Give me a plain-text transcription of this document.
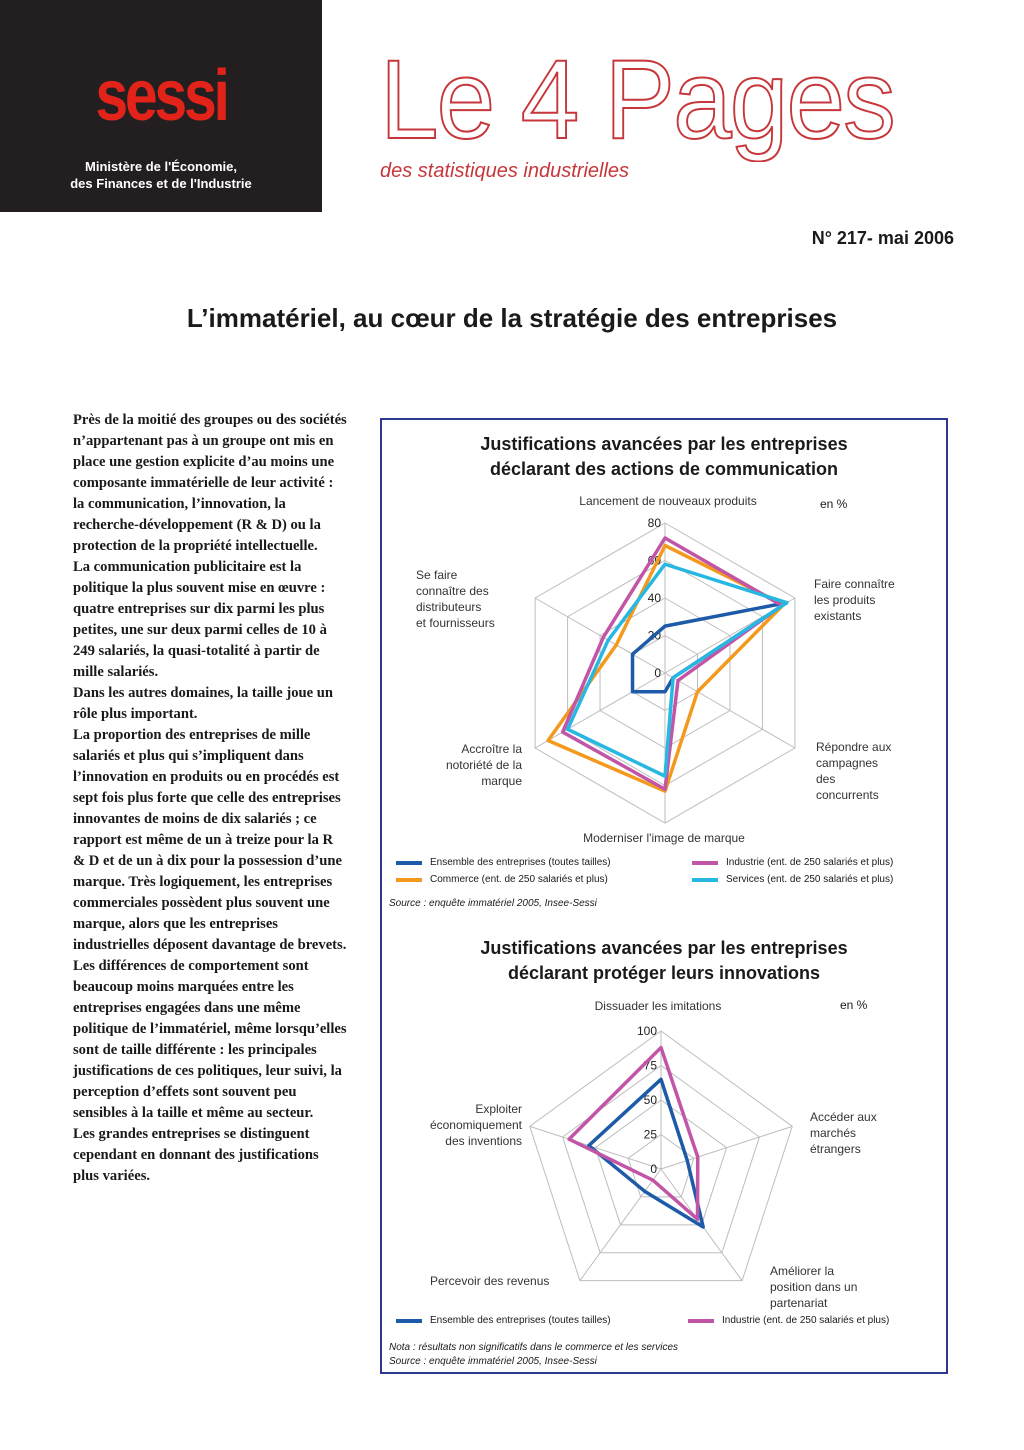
sessi
Ministère de l'Économie,
des Finances et de l'Industrie
Le 4 Pages
des statistiques industrielles
N° 217- mai 2006
L’immatériel, au cœur de la stratégie des entreprises

Près de la moitié des groupes ou des sociétés n’appartenant pas à un groupe ont mis en place une gestion explicite d’au moins une composante immatérielle de leur activité : la communication, l’innovation, la recherche-développement (R & D) ou la protection de la propriété intellectuelle.

La communication publicitaire est la politique la plus souvent mise en œuvre : quatre entreprises sur dix parmi les plus petites, une sur deux parmi celles de 10 à 249 salariés, la quasi-totalité à partir de mille salariés.

Dans les autres domaines, la taille joue un rôle plus important.

La proportion des entreprises de mille salariés et plus qui s’impliquent dans l’innovation en produits ou en procédés est sept fois plus forte que celle des entreprises innovantes de moins de dix salariés ; ce rapport est même de un à treize pour la R & D et de un à dix pour la possession d’une marque. Très logiquement, les entreprises commerciales possèdent plus souvent une marque, alors que les entreprises industrielles déposent davantage de brevets.

Les différences de comportement sont beaucoup moins marquées entre les entreprises engagées dans une même politique de l’immatériel, même lorsqu’elles sont de taille différente : les principales justifications de ces politiques, leur suivi, la perception d’effets sont souvent peu sensibles à la taille et même au secteur.

Les grandes entreprises se distinguent cependant en donnant des justifications plus variées.

Justifications avancées par les entreprises
déclarant des actions de communication
en %
0
20
40
60
80
Lancement de nouveaux produits
Faire connaître les produits existants
Répondre aux campagnes des concurrents
Moderniser l'image de marque
Accroître la notoriété de la marque
Se faire connaître des distributeurs et fournisseurs
Ensemble des entreprises (toutes tailles)
Commerce (ent. de 250 salariés et plus)
Industrie (ent. de 250 salariés et plus)
Services (ent. de 250 salariés et plus)
Source : enquête immatériel 2005, Insee-Sessi
Justifications avancées par les entreprises
déclarant protéger leurs innovations
en %
0
25
50
75
100
Dissuader les imitations
Accéder aux marchés étrangers
Améliorer la position dans un partenariat
Percevoir des revenus
Exploiter économiquement des inventions
Ensemble des entreprises (toutes tailles)	Industrie (ent. de 250 salariés et plus)
Nota : résultats non significatifs dans le commerce et les services
Source : enquête immatériel 2005, Insee-Sessi
